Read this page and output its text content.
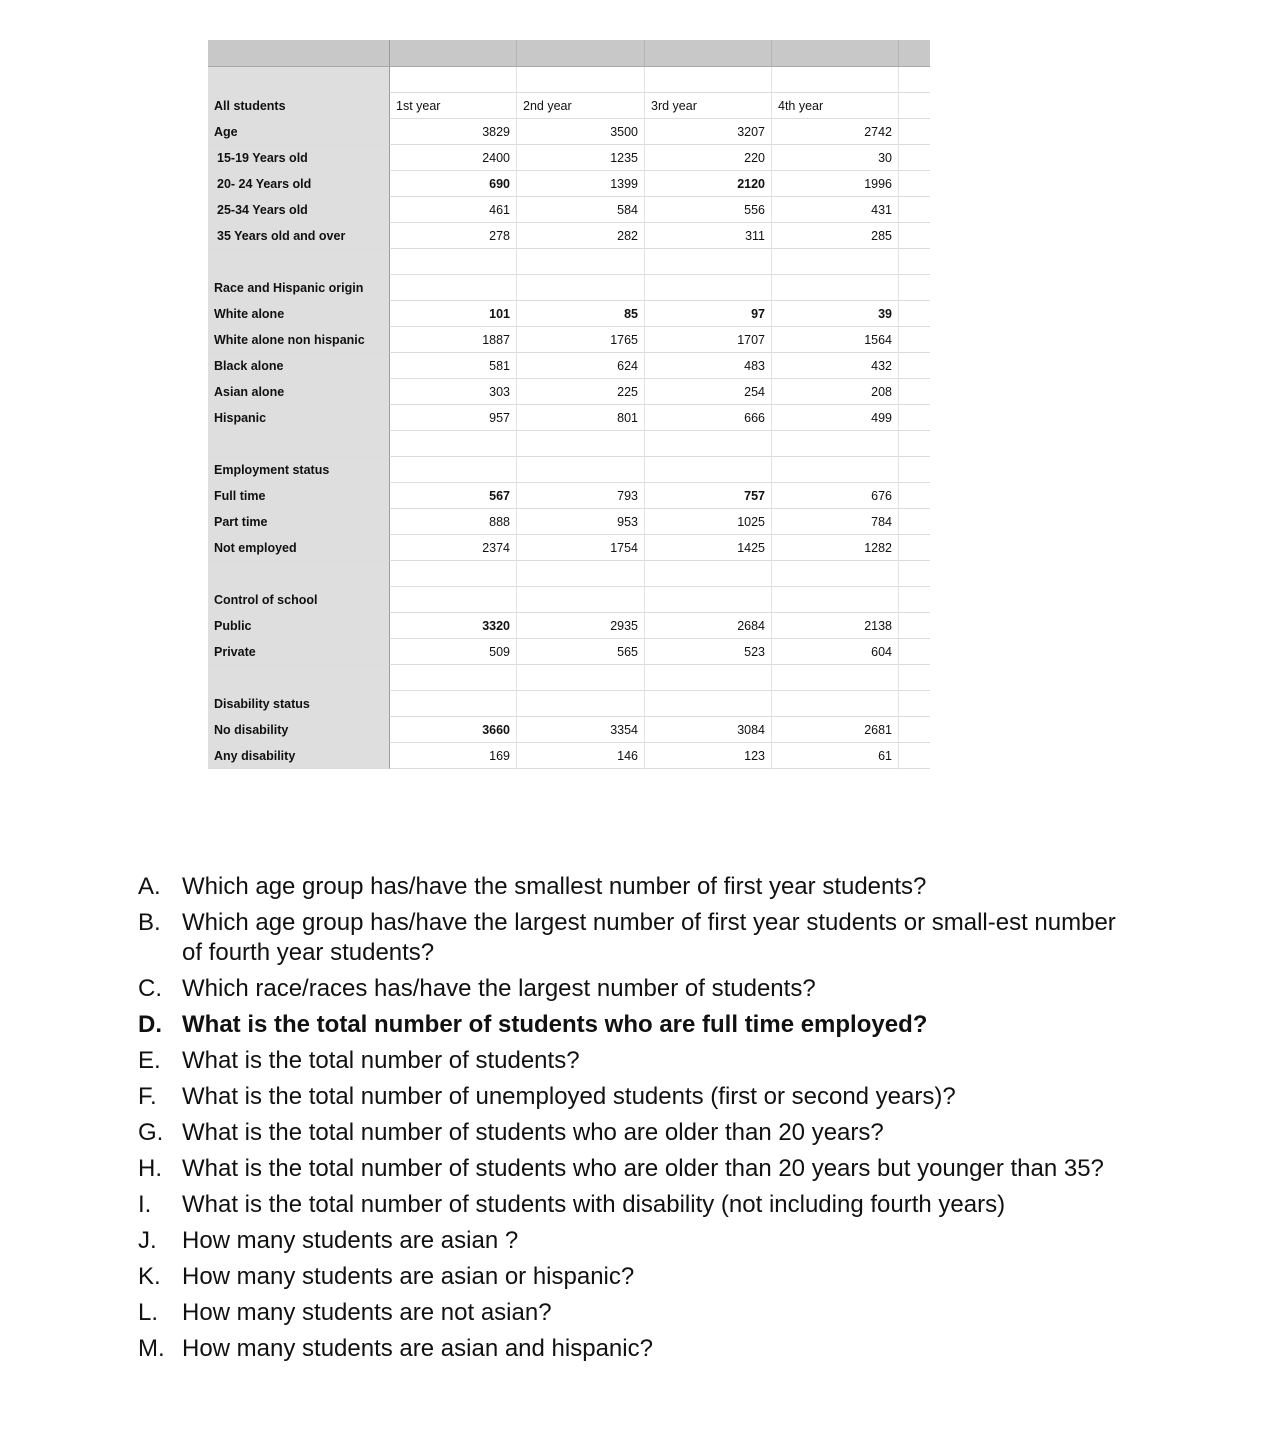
All students	1st year	2nd year	3rd year	4th year
Age	3829	3500	3207	2742
15-19 Years old	2400	1235	220	30
20- 24 Years old	690	1399	2120	1996
25-34 Years old	461	584	556	431
35 Years old and over	278	282	311	285
Race and Hispanic origin
White alone	101	85	97	39
White alone non hispanic	1887	1765	1707	1564
Black alone	581	624	483	432
Asian alone	303	225	254	208
Hispanic	957	801	666	499
Employment status
Full time	567	793	757	676
Part time	888	953	1025	784
Not employed	2374	1754	1425	1282
Control of school
Public	3320	2935	2684	2138
Private	509	565	523	604
Disability status
No disability	3660	3354	3084	2681
Any disability	169	146	123	61
A. Which age group has/have the smallest number of first year students?
B. Which age group has/have the largest number of first year students or small-est number of fourth year students?
C. Which race/races has/have the largest number of students?
D. What is the total number of students who are full time employed?
E. What is the total number of students?
F.	What is the total number of unemployed students (first or second years)?
G. What is the total number of students who are older than 20 years?
H. What is the total number of students who are older than 20 years but younger than 35?
I.	What is the total number of students with disability (not including fourth years)
J.	How many students are asian ?
K. How many students are asian or hispanic?
L. How many students are not asian?
M. How many students are asian and hispanic?
